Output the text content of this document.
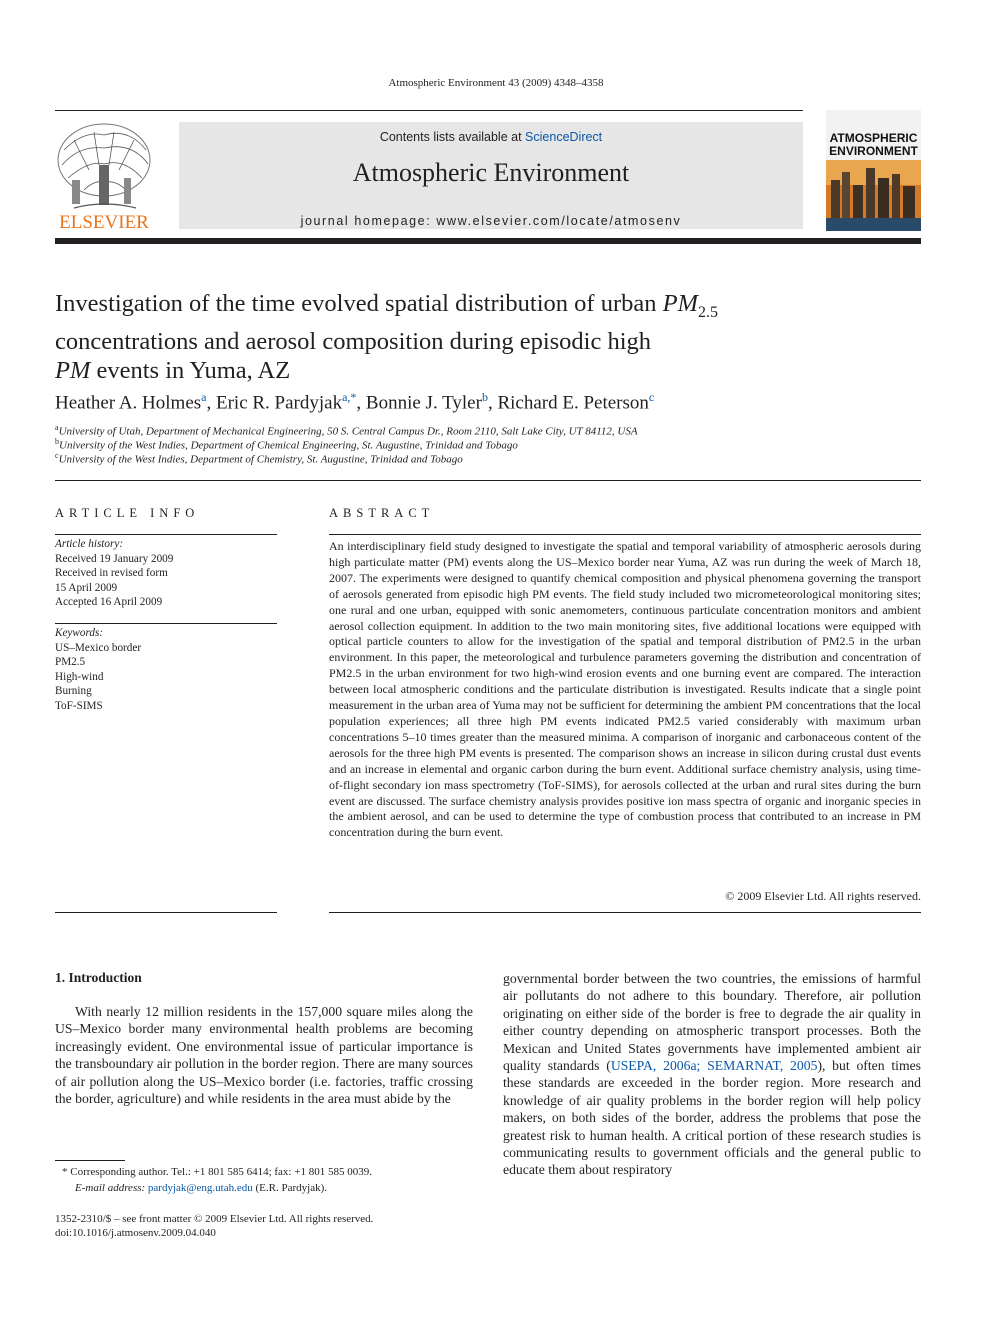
Atmospheric Environment 43 (2009) 4348–4358
ELSEVIER
Contents lists available at ScienceDirect
Atmospheric Environment
journal homepage: www.elsevier.com/locate/atmosenv
ATMOSPHERIC
ENVIRONMENT
Investigation of the time evolved spatial distribution of urban $PM_{2.5}$
concentrations and aerosol composition during episodic high
PM events in Yuma, AZ
Heather A. Holmes$^a$, Eric R. Pardyjak$^{a,*}$, Bonnie J. Tyler$^b$, Richard E. Peterson$^c$
$^a$University of Utah, Department of Mechanical Engineering, 50 S. Central Campus Dr., Room 2110, Salt Lake City, UT 84112, USA
$^b$University of the West Indies, Department of Chemical Engineering, St. Augustine, Trinidad and Tobago
$^c$University of the West Indies, Department of Chemistry, St. Augustine, Trinidad and Tobago
ARTICLE INFO
Article history:
Received 19 January 2009
Received in revised form
15 April 2009
Accepted 16 April 2009
Keywords:
US–Mexico border
PM2.5
High-wind
Burning
ToF-SIMS
ABSTRACT
An interdisciplinary field study designed to investigate the spatial and temporal variability of atmospheric aerosols during high particulate matter (PM) events along the US–Mexico border near Yuma, AZ was run during the week of March 18, 2007. The experiments were designed to quantify chemical composition and physical phenomena governing the transport of aerosols generated from episodic high PM events. The field study included two micrometeorological monitoring sites; one rural and one urban, equipped with sonic anemometers, continuous particulate concentration monitors and ambient aerosol collection equipment. In addition to the two main monitoring sites, five additional locations were equipped with optical particle counters to allow for the investigation of the spatial and temporal distribution of PM2.5 in the urban environment. In this paper, the meteorological and turbulence parameters governing the distribution and concentration of PM2.5 in the urban environment for two high-wind erosion events and one burning event are compared. The interaction between local atmospheric conditions and the particulate distribution is investigated. Results indicate that a single point measurement in the urban area of Yuma may not be sufficient for determining the ambient PM concentrations that the local population experiences; all three high PM events indicated PM2.5 varied considerably with maximum urban concentrations 5–10 times greater than the measured minima. A comparison of inorganic and carbonaceous content of the aerosols for the three high PM events is presented. The comparison shows an increase in silicon during crustal dust events and an increase in elemental and organic carbon during the burn event. Additional surface chemistry analysis, using time-of-flight secondary ion mass spectrometry (ToF-SIMS), for aerosols collected at the urban and rural sites during the burn event are discussed. The surface chemistry analysis provides positive ion mass spectra of organic and inorganic species in the ambient aerosol, and can be used to determine the type of combustion process that contributed to an increase in PM concentration during the burn event.
© 2009 Elsevier Ltd. All rights reserved.
1. Introduction
With nearly 12 million residents in the 157,000 square miles along the US–Mexico border many environmental health problems are becoming increasingly evident. One environmental issue of particular importance is the transboundary air pollution in the border region. There are many sources of air pollution along the US–Mexico border (i.e. factories, traffic crossing the border, agriculture) and while residents in the area must abide by the
governmental border between the two countries, the emissions of harmful air pollutants do not adhere to this boundary. Therefore, air pollution originating on either side of the border is free to degrade the air quality in either country depending on atmospheric transport processes. Both the Mexican and United States governments have implemented ambient air quality standards (USEPA, 2006a; SEMARNAT, 2005), but often times these standards are exceeded in the border region. More research and knowledge of air quality problems in the border region will help policy makers, on both sides of the border, address the problems that pose the greatest risk to human health. A critical portion of these research studies is communicating results to government officials and the general public to educate them about respiratory
* Corresponding author. Tel.: +1 801 585 6414; fax: +1 801 585 0039.
E-mail address: pardyjak@eng.utah.edu (E.R. Pardyjak).
1352-2310/$ – see front matter © 2009 Elsevier Ltd. All rights reserved.
doi:10.1016/j.atmosenv.2009.04.040
